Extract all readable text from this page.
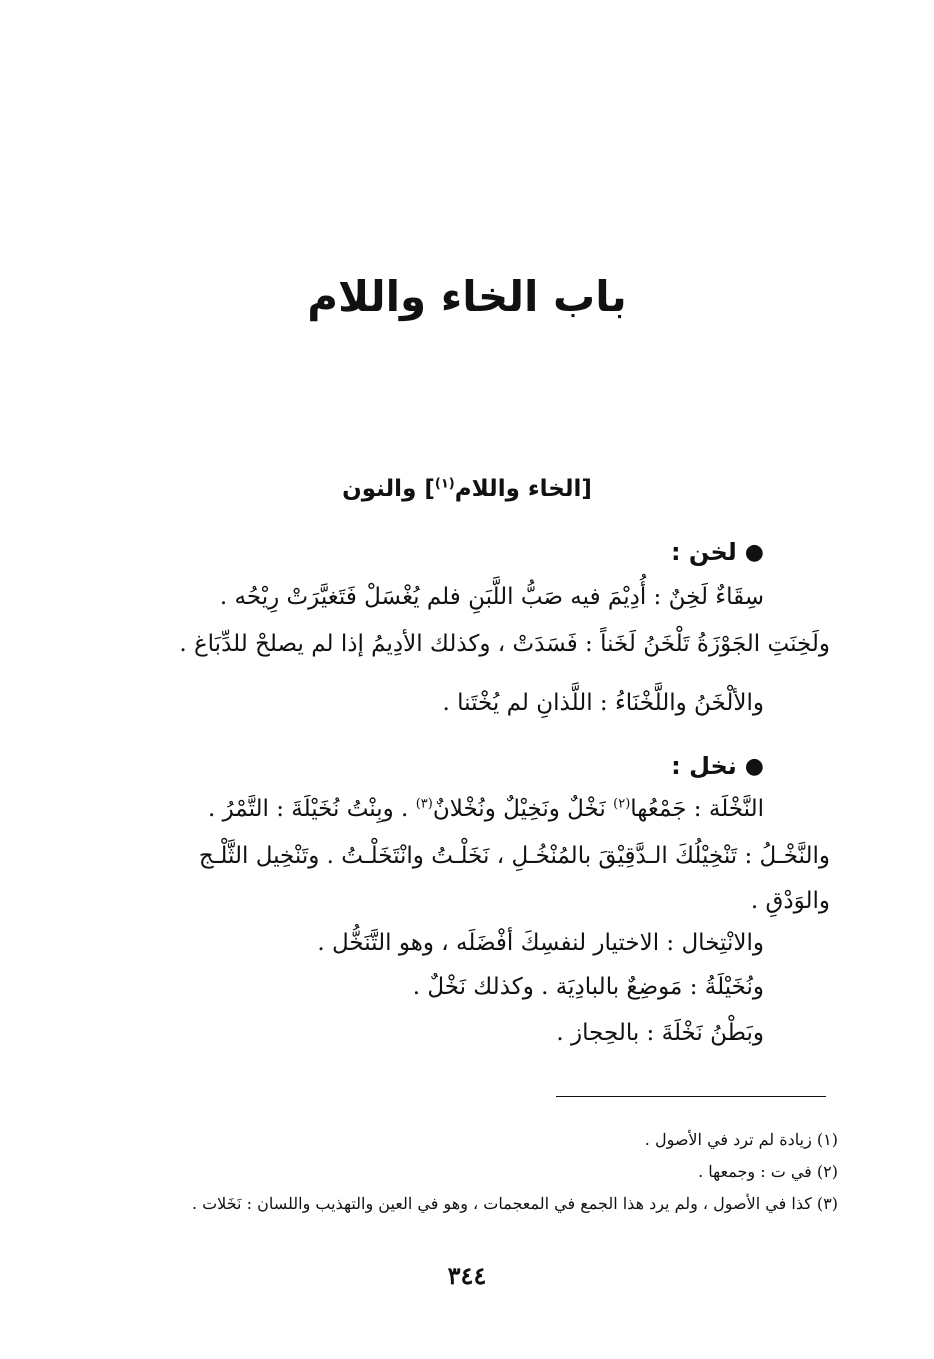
باب الخاء واللام
[الخاء واللام$^{(١)}$] والنون
●
لخن :
سِقَاءٌ لَخِنٌ : أُدِيْمَ فيه صَبُّ اللَّبَنِ فلم يُغْسَلْ فَتَغيَّرَتْ رِيْحُه .
ولَخِنَتِ الجَوْزَةُ تَلْخَنُ لَخَناً : فَسَدَتْ ، وكذلك الأدِيمُ إذا لم يصلحْ للدِّبَاغ .
والألْخَنُ واللَّخْنَاءُ : اللَّذانِ لم يُخْتَنا .
●
نخل :
النَّخْلَة : جَمْعُها$^{(٢)}$ نَخْلٌ ونَخِيْلٌ ونُخْلانٌ$^{(٣)}$ . وبِنْتُ نُخَيْلَةَ : التَّمْرُ .
والنَّخْـلُ : تَنْخِيْلُكَ الـدَّقِيْقَ بالمُنْخُـلِ ، نَخَلْـتُ وانْتَخَلْـتُ . وتَنْخِيل الثَّلْـج
والوَدْقِ .
والانْتِخال : الاختيار لنفسِكَ أفْضَلَه ، وهو التَّنَخُّل .
ونُخَيْلَةُ : مَوضِعٌ بالبادِيَة . وكذلك نَخْلٌ .
وبَطْنُ نَخْلَةَ : بالحِجاز .
(١) زيادة لم ترد في الأصول .
(٢) في ت : وجمعها .
(٣) كذا في الأصول ، ولم يرد هذا الجمع في المعجمات ، وهو في العين والتهذيب واللسان : نَخَلات .
٣٤٤
